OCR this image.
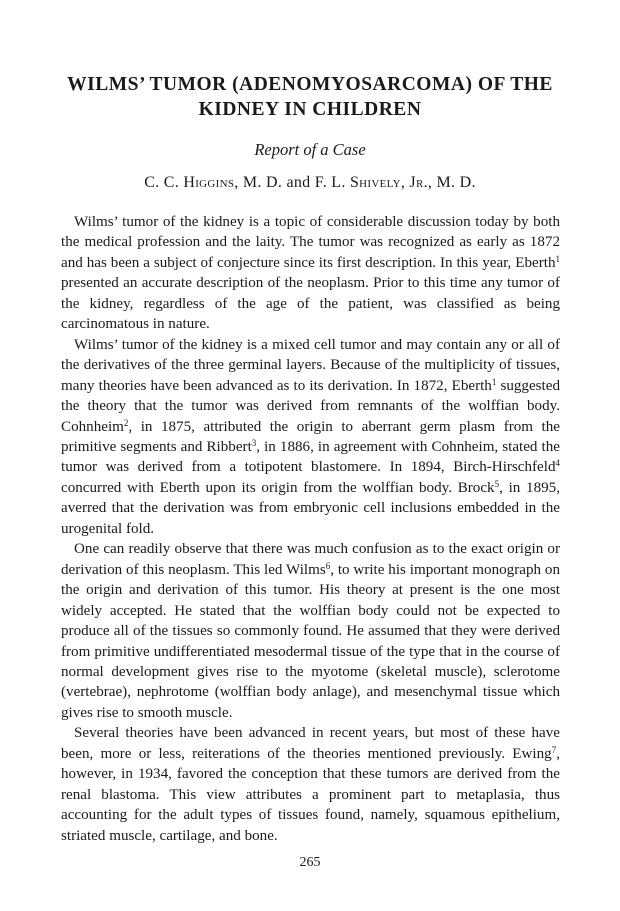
WILMS’ TUMOR (ADENOMYOSARCOMA) OF THE
KIDNEY IN CHILDREN
Report of a Case
C. C. Higgins, M. D. and F. L. Shively, Jr., M. D.

Wilms’ tumor of the kidney is a topic of considerable discussion today by both the medical profession and the laity. The tumor was recognized as early as 1872 and has been a subject of conjecture since its first description. In this year, Eberth$^1$ presented an accurate description of the neoplasm. Prior to this time any tumor of the kidney, regardless of the age of the patient, was classified as being carcinomatous in nature.

Wilms’ tumor of the kidney is a mixed cell tumor and may contain any or all of the derivatives of the three germinal layers. Because of the multiplicity of tissues, many theories have been advanced as to its derivation. In 1872, Eberth$^1$ suggested the theory that the tumor was derived from remnants of the wolffian body. Cohnheim$^2$, in 1875, attributed the origin to aberrant germ plasm from the primitive segments and Ribbert$^3$, in 1886, in agreement with Cohnheim, stated the tumor was derived from a totipotent blastomere. In 1894, Birch-Hirschfeld$^4$ concurred with Eberth upon its origin from the wolffian body. Brock$^5$, in 1895, averred that the derivation was from embryonic cell inclusions embedded in the urogenital fold.

One can readily observe that there was much confusion as to the exact origin or derivation of this neoplasm. This led Wilms$^6$, to write his important monograph on the origin and derivation of this tumor. His theory at present is the one most widely accepted. He stated that the wolffian body could not be expected to produce all of the tissues so commonly found. He assumed that they were derived from primitive undifferentiated mesodermal tissue of the type that in the course of normal development gives rise to the myotome (skeletal muscle), sclerotome (vertebrae), nephrotome (wolffian body anlage), and mesenchymal tissue which gives rise to smooth muscle.

Several theories have been advanced in recent years, but most of these have been, more or less, reiterations of the theories mentioned previously. Ewing$^7$, however, in 1934, favored the conception that these tumors are derived from the renal blastoma. This view attributes a prominent part to metaplasia, thus accounting for the adult types of tissues found, namely, squamous epithelium, striated muscle, cartilage, and bone.

265
